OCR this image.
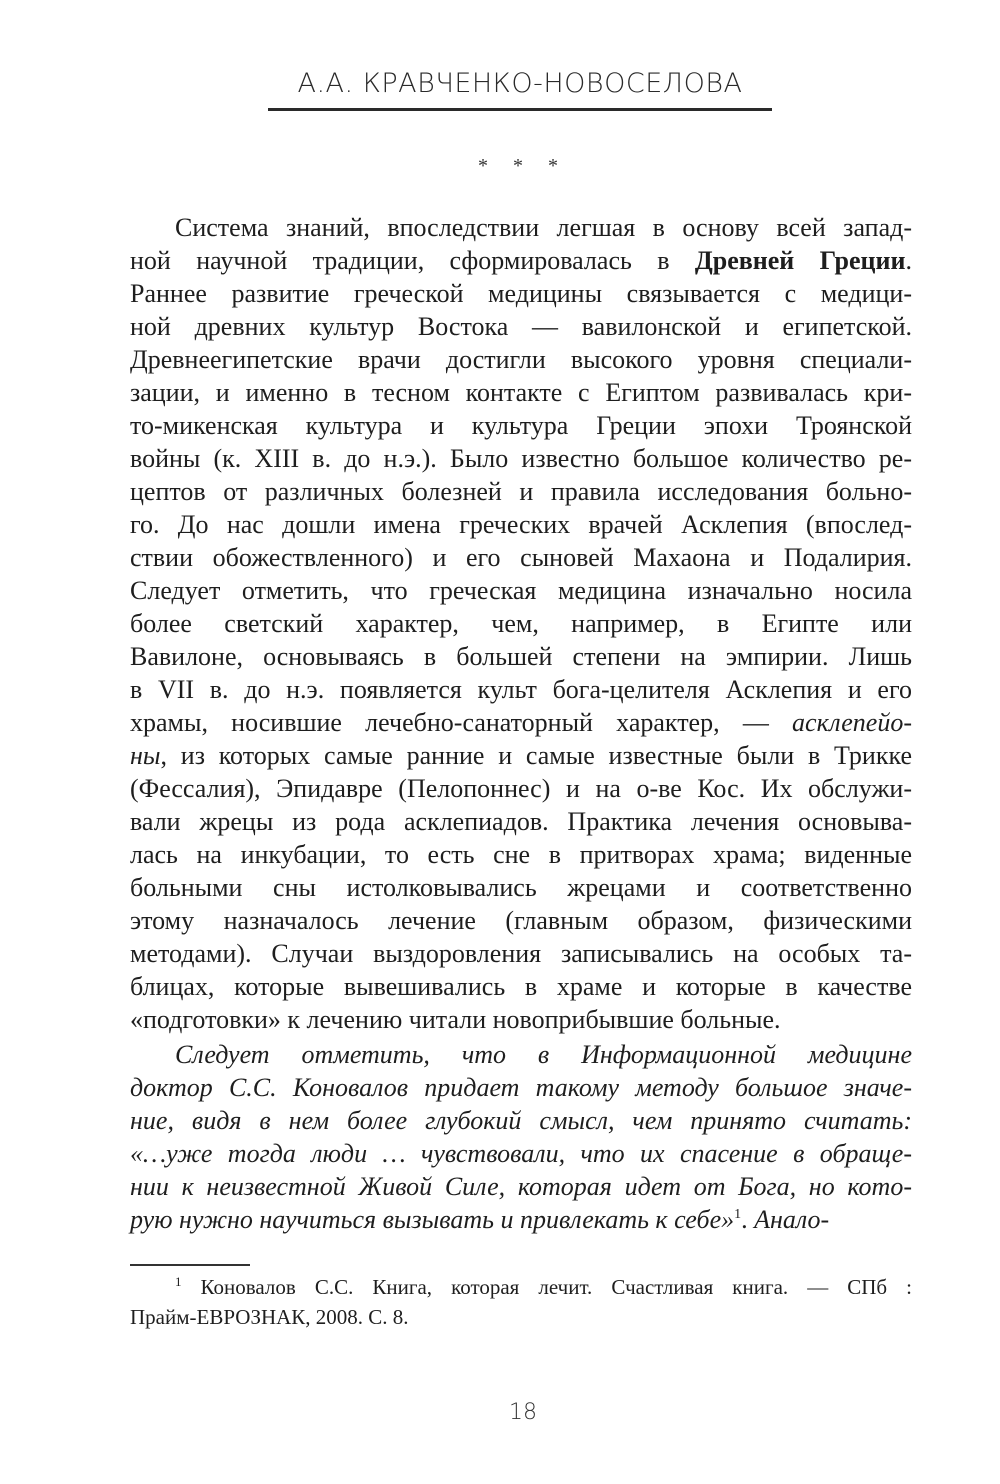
А.А. КРАВЧЕНКО-НОВОСЕЛОВА
* * *
Система знаний, впоследствии легшая в основу всей запад-
ной научной традиции, сформировалась в Древней Греции.
Раннее развитие греческой медицины связывается с медици-
ной древних культур Востока — вавилонской и египетской.
Древнеегипетские врачи достигли высокого уровня специали-
зации, и именно в тесном контакте с Египтом развивалась кри-
то-микенская культура и культура Греции эпохи Троянской
войны (к. XIII в. до н.э.). Было известно большое количество ре-
цептов от различных болезней и правила исследования больно-
го. До нас дошли имена греческих врачей Асклепия (впослед-
ствии обожествленного) и его сыновей Махаона и Подалирия.
Следует отметить, что греческая медицина изначально носила
более светский характер, чем, например, в Египте или
Вавилоне, основываясь в большей степени на эмпирии. Лишь
в VII в. до н.э. появляется культ бога-целителя Асклепия и его
храмы, носившие лечебно-санаторный характер, — асклепейо-
ны, из которых самые ранние и самые известные были в Трикке
(Фессалия), Эпидавре (Пелопоннес) и на о-ве Кос. Их обслужи-
вали жрецы из рода асклепиадов. Практика лечения основыва-
лась на инкубации, то есть сне в притворах храма; виденные
больными сны истолковывались жрецами и соответственно
этому назначалось лечение (главным образом, физическими
методами). Случаи выздоровления записывались на особых та-
блицах, которые вывешивались в храме и которые в качестве
«подготовки» к лечению читали новоприбывшие больные.
Следует отметить, что в Информационной медицине
доктор С.С. Коновалов придает такому методу большое значе-
ние, видя в нем более глубокий смысл, чем принято считать:
«…уже тогда люди … чувствовали, что их спасение в обраще-
нии к неизвестной Живой Силе, которая идет от Бога, но кото-
рую нужно научиться вызывать и привлекать к себе»$^1$. Анало-
$^1$ Коновалов С.С. Книга, которая лечит. Счастливая книга. — СПб :
Прайм-ЕВРОЗНАК, 2008. С. 8.
18
